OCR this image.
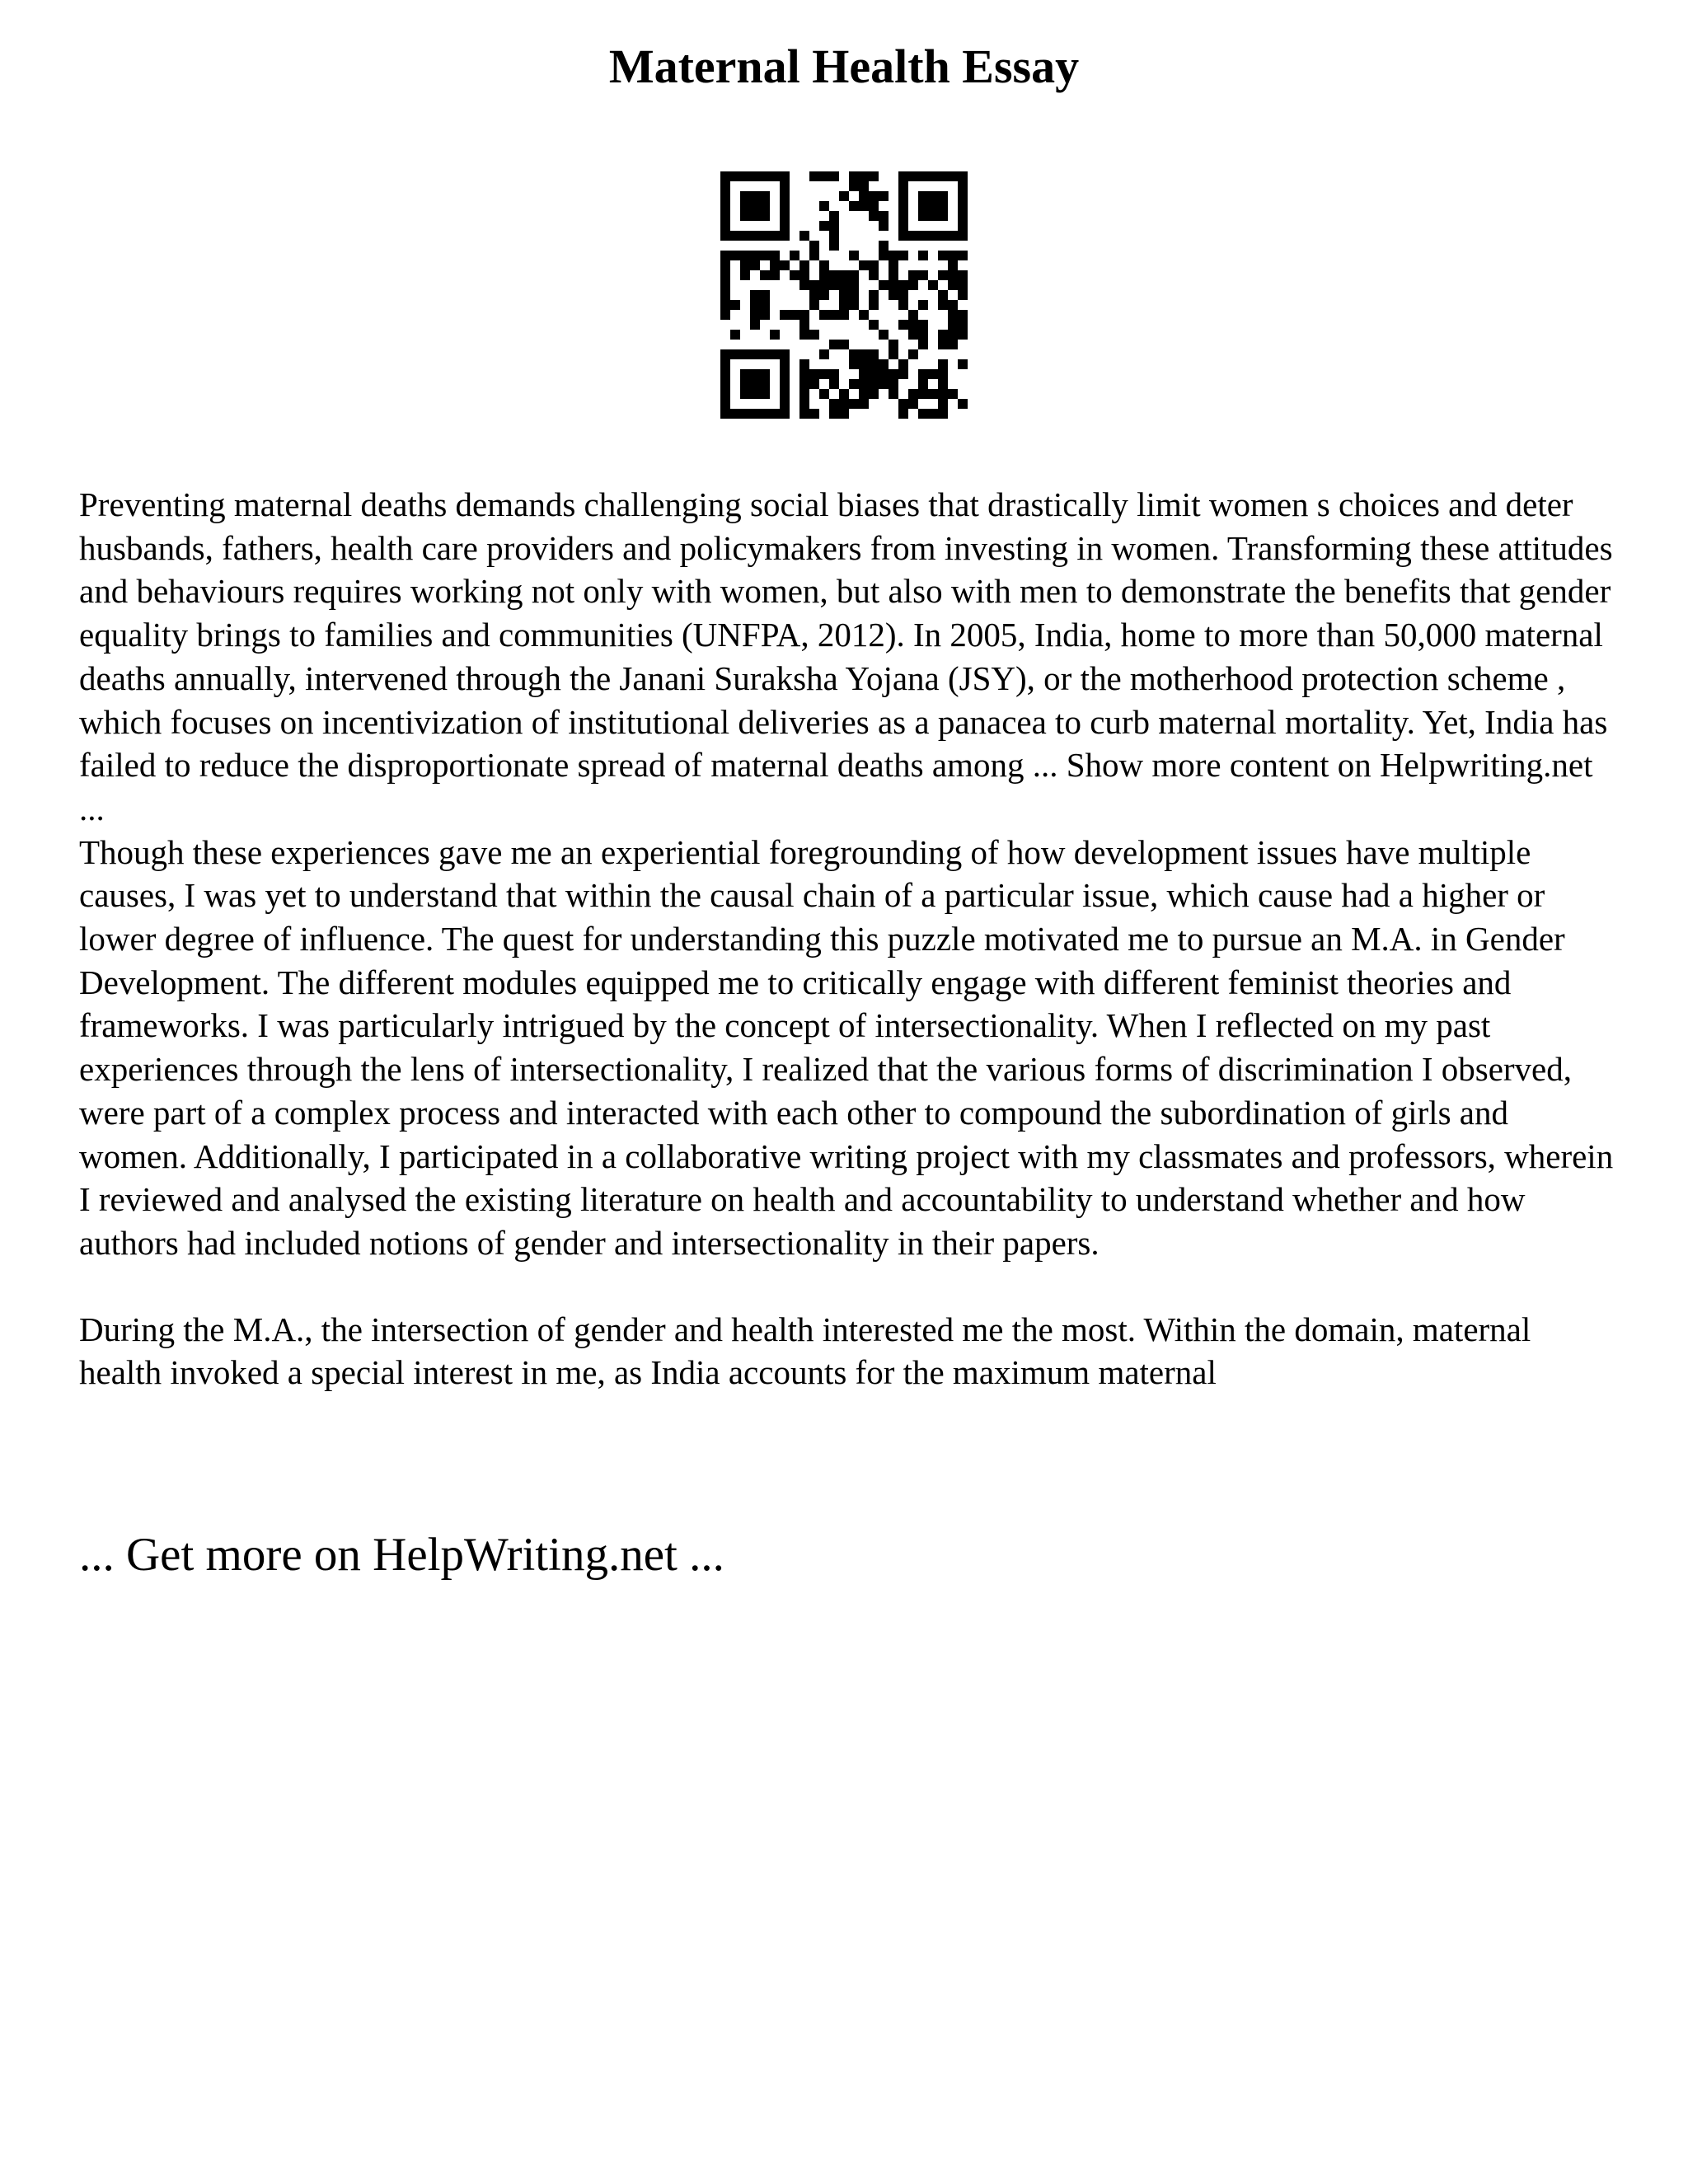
Maternal Health Essay

Preventing maternal deaths demands challenging social biases that drastically limit women s choices and deter husbands, fathers, health care providers and policymakers from investing in women. Transforming these attitudes and behaviours requires working not only with women, but also with men to demonstrate the benefits that gender equality brings to families and communities (UNFPA, 2012). In 2005, India, home to more than 50,000 maternal deaths annually, intervened through the Janani Suraksha Yojana (JSY), or the motherhood protection scheme , which focuses on incentivization of institutional deliveries as a panacea to curb maternal mortality. Yet, India has failed to reduce the disproportionate spread of maternal deaths among ... Show more content on Helpwriting.net ...

Though these experiences gave me an experiential foregrounding of how development issues have multiple causes, I was yet to understand that within the causal chain of a particular issue, which cause had a higher or lower degree of influence. The quest for understanding this puzzle motivated me to pursue an M.A. in Gender Development. The different modules equipped me to critically engage with different feminist theories and frameworks. I was particularly intrigued by the concept of intersectionality. When I reflected on my past experiences through the lens of intersectionality, I realized that the various forms of discrimination I observed, were part of a complex process and interacted with each other to compound the subordination of girls and women. Additionally, I participated in a collaborative writing project with my classmates and professors, wherein I reviewed and analysed the existing literature on health and accountability to understand whether and how authors had included notions of gender and intersectionality in their papers.

During the M.A., the intersection of gender and health interested me the most. Within the domain, maternal health invoked a special interest in me, as India accounts for the maximum maternal

... Get more on HelpWriting.net ...
